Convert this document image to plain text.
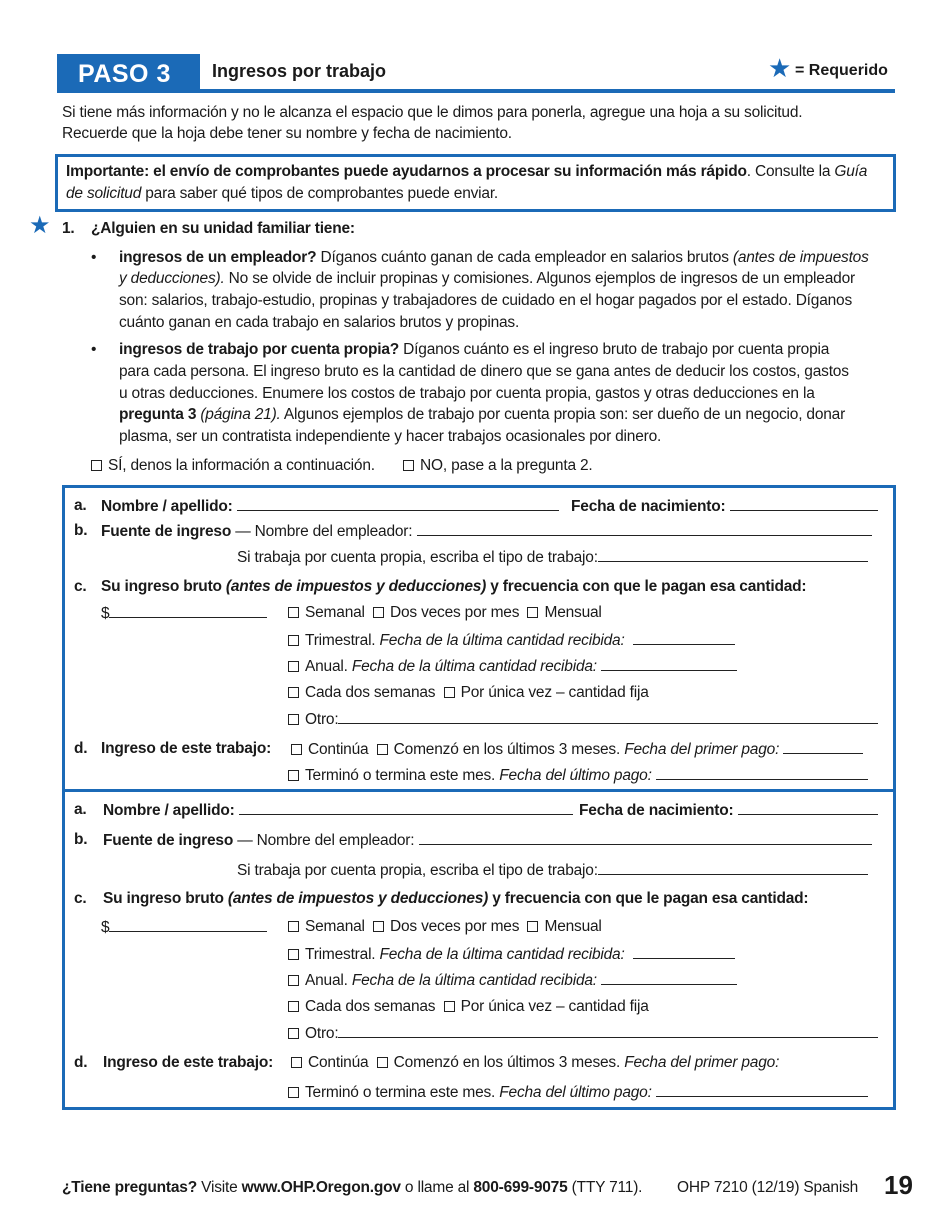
PASO 3 Ingresos por trabajo	★ = Requerido
Si tiene más información y no le alcanza el espacio que le dimos para ponerla, agregue una hoja a su solicitud.
Recuerde que la hoja debe tener su nombre y fecha de nacimiento.
Importante: el envío de comprobantes puede ayudarnos a procesar su información más rápido. Consulte la Guía
de solicitud para saber qué tipos de comprobantes puede enviar.
★ 1. ¿Alguien en su unidad familiar tiene:
• ingresos de un empleador? Díganos cuánto ganan de cada empleador en salarios brutos (antes de impuestos
y deducciones). No se olvide de incluir propinas y comisiones. Algunos ejemplos de ingresos de un empleador
son: salarios, trabajo-estudio, propinas y trabajadores de cuidado en el hogar pagados por el estado. Díganos
cuánto ganan en cada trabajo en salarios brutos y propinas.
• ingresos de trabajo por cuenta propia? Díganos cuánto es el ingreso bruto de trabajo por cuenta propia
para cada persona. El ingreso bruto es la cantidad de dinero que se gana antes de deducir los costos, gastos
u otras deducciones. Enumere los costos de trabajo por cuenta propia, gastos y otras deducciones en la
pregunta 3 (página 21). Algunos ejemplos de trabajo por cuenta propia son: ser dueño de un negocio, donar
plasma, ser un contratista independiente y hacer trabajos ocasionales por dinero.
SÍ, denos la información a continuación.	NO, pase a la pregunta 2.
a. Nombre / apellido:	Fecha de nacimiento:
b. Fuente de ingreso — Nombre del empleador:
Si trabaja por cuenta propia, escriba el tipo de trabajo:
c. Su ingreso bruto (antes de impuestos y deducciones) y frecuencia con que le pagan esa cantidad:
$	Semanal Dos veces por mes Mensual
Trimestral. Fecha de la última cantidad recibida:
Anual. Fecha de la última cantidad recibida:
Cada dos semanas Por única vez – cantidad fija
Otro:
d. Ingreso de este trabajo:	Continúa Comenzó en los últimos 3 meses. Fecha del primer pago:
Terminó o termina este mes. Fecha del último pago:
a. Nombre / apellido:	Fecha de nacimiento:
b. Fuente de ingreso — Nombre del empleador:
Si trabaja por cuenta propia, escriba el tipo de trabajo:
c. Su ingreso bruto (antes de impuestos y deducciones) y frecuencia con que le pagan esa cantidad:
$	Semanal Dos veces por mes Mensual
Trimestral. Fecha de la última cantidad recibida:
Anual. Fecha de la última cantidad recibida:
Cada dos semanas Por única vez – cantidad fija
Otro:
d. Ingreso de este trabajo:	Continúa Comenzó en los últimos 3 meses. Fecha del primer pago:
Terminó o termina este mes. Fecha del último pago:
¿Tiene preguntas? Visite www.OHP.Oregon.gov o llame al 800-699-9075 (TTY 711). OHP 7210 (12/19) Spanish 19
